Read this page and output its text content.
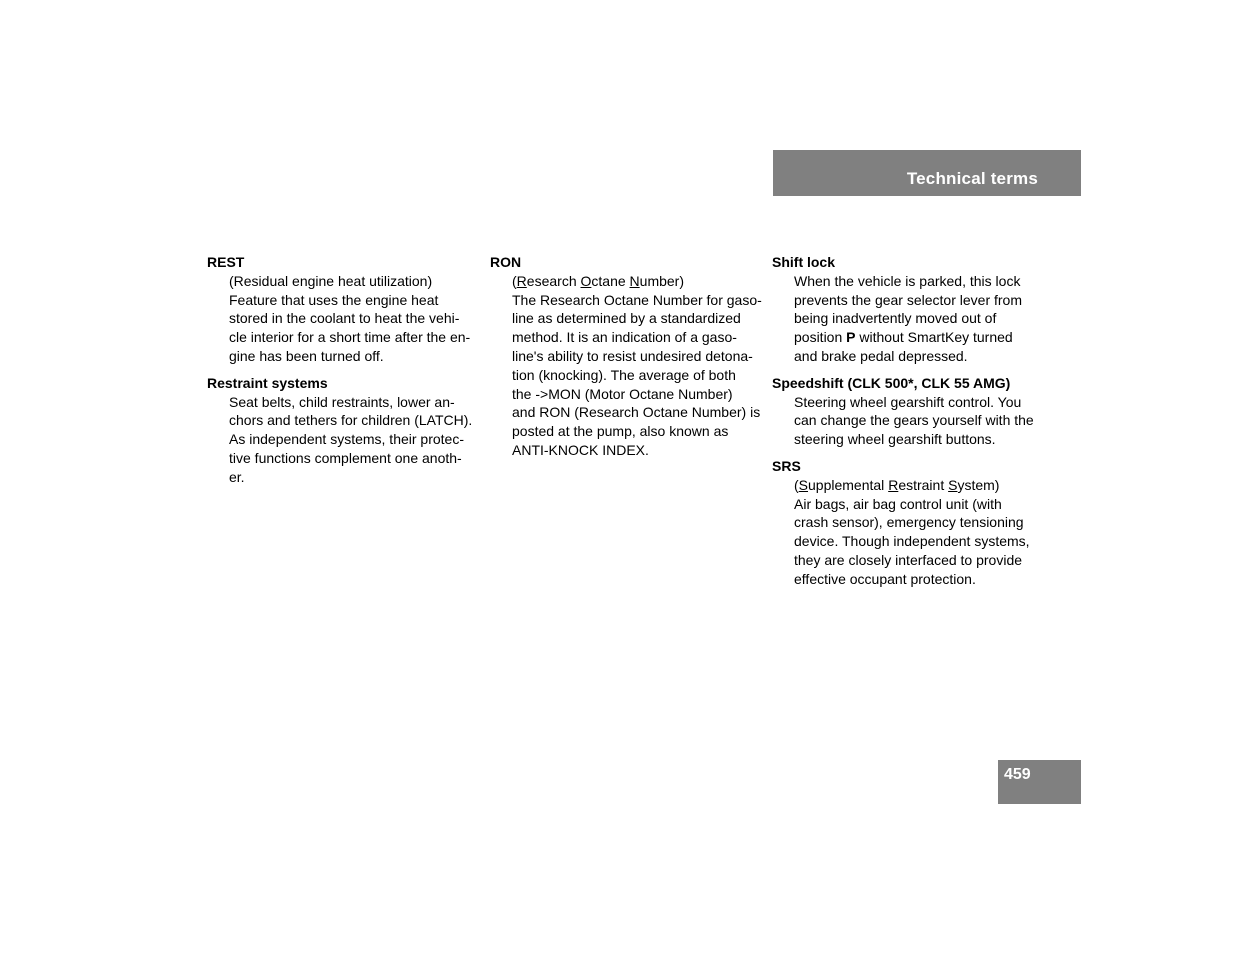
Technical terms
REST
(Residual engine heat utilization)
Feature that uses the engine heat
stored in the coolant to heat the vehi-
cle interior for a short time after the en-
gine has been turned off.
Restraint systems
Seat belts, child restraints, lower an-
chors and tethers for children (LATCH).
As independent systems, their protec-
tive functions complement one anoth-
er.
RON
(Research Octane Number)
The Research Octane Number for gaso-
line as determined by a standardized
method. It is an indication of a gaso-
line's ability to resist undesired detona-
tion (knocking). The average of both
the ->MON (Motor Octane Number)
and RON (Research Octane Number) is
posted at the pump, also known as
ANTI-KNOCK INDEX.
Shift lock
When the vehicle is parked, this lock
prevents the gear selector lever from
being inadvertently moved out of
position P without SmartKey turned
and brake pedal depressed.
Speedshift (CLK 500*, CLK 55 AMG)
Steering wheel gearshift control. You
can change the gears yourself with the
steering wheel gearshift buttons.
SRS
(Supplemental Restraint System)
Air bags, air bag control unit (with
crash sensor), emergency tensioning
device. Though independent systems,
they are closely interfaced to provide
effective occupant protection.
459
